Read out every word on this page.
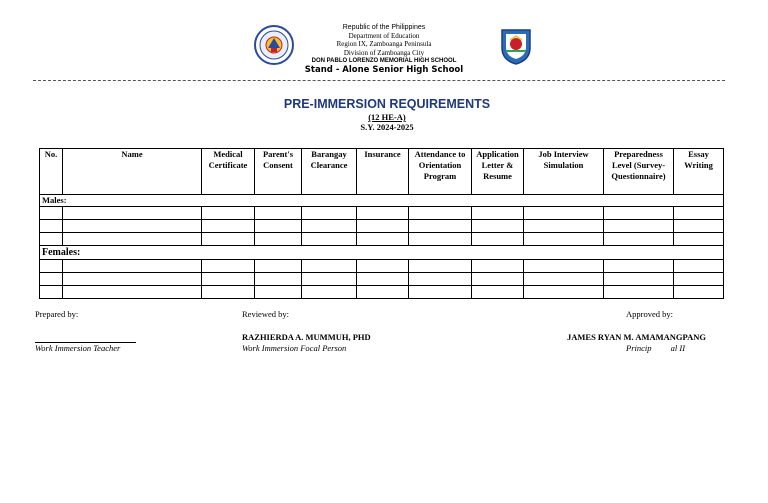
Republic of the Philippines
Department of Education
Region IX, Zamboanga Peninsula
Division of Zamboanga City
DON PABLO LORENZO MEMORIAL HIGH SCHOOL
Stand - Alone Senior High School
PRE-IMMERSION REQUIREMENTS
(12 HE-A)
S.Y. 2024-2025
No.	Name	Medical Certificate	Parent's Consent	Barangay Clearance	Insurance	Attendance to Orientation Program	Application Letter & Resume	Job Interview Simulation	Preparedness Level (Survey-Questionnaire)	Essay Writing
Males:										

Females:										

Prepared by:
Work Immersion Teacher
Reviewed by:
RAZHIERDA A. MUMMUH, PHD
Work Immersion Focal Person
Approved by:
JAMES RYAN M. AMAMANGPANG
Princip         al II
